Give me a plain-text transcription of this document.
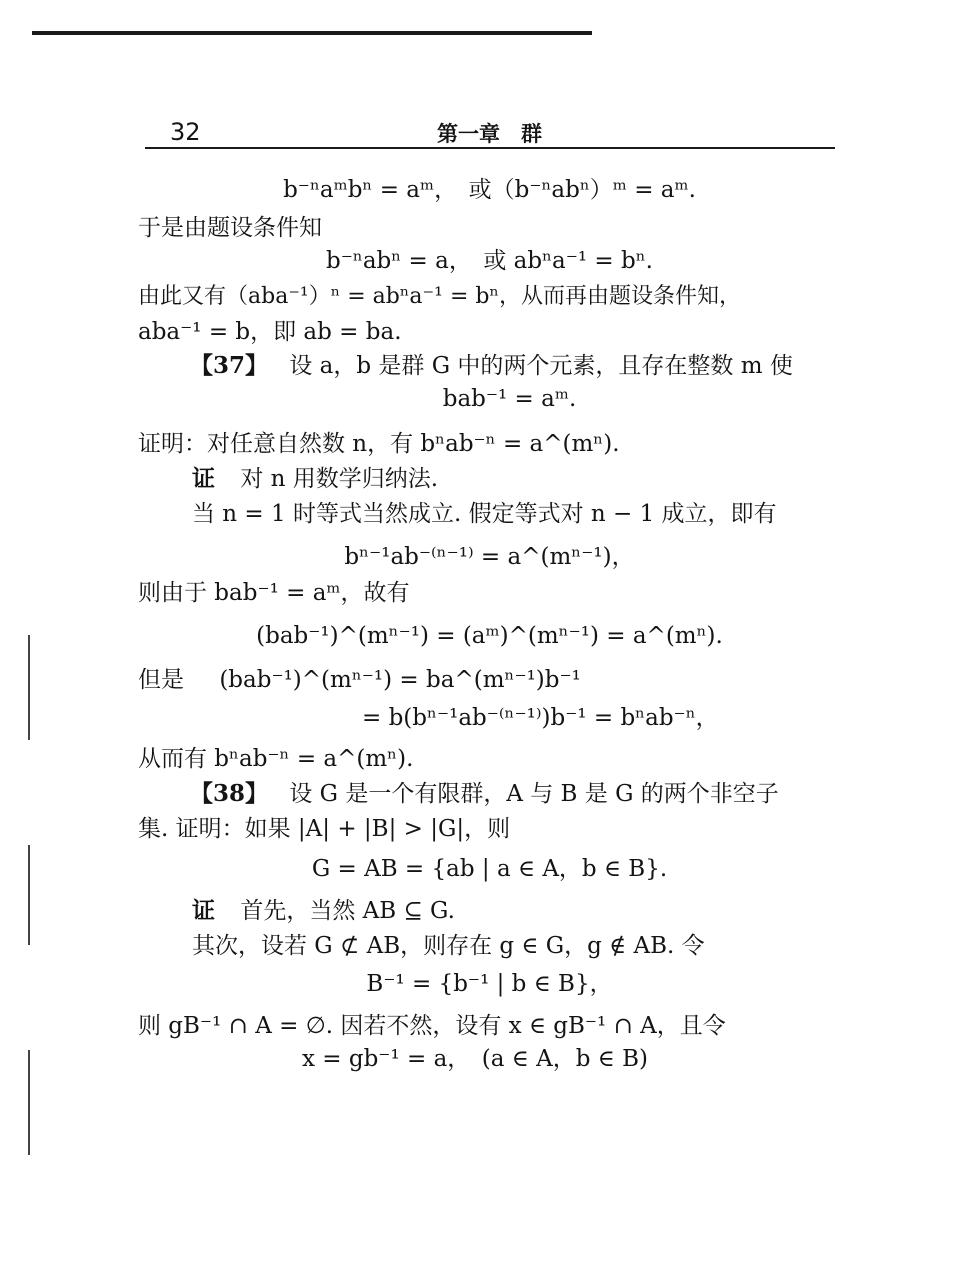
32	第一章　群
b⁻ⁿaᵐbⁿ = aᵐ，　或（b⁻ⁿabⁿ）ᵐ = aᵐ.
于是由题设条件知
b⁻ⁿabⁿ = a，　或 abⁿa⁻¹ = bⁿ.
由此又有（aba⁻¹）ⁿ = abⁿa⁻¹ = bⁿ，从而再由题设条件知，
aba⁻¹ = b，即 ab = ba.
【37】 设 a，b 是群 G 中的两个元素，且存在整数 m 使
bab⁻¹ = aᵐ.
证明：对任意自然数 n，有 bⁿab⁻ⁿ = a^(mⁿ).
证 对 n 用数学归纳法.
当 n = 1 时等式当然成立. 假定等式对 n − 1 成立，即有
bⁿ⁻¹ab⁻⁽ⁿ⁻¹⁾ = a^(mⁿ⁻¹)，
则由于 bab⁻¹ = aᵐ，故有
(bab⁻¹)^(mⁿ⁻¹) = (aᵐ)^(mⁿ⁻¹) = a^(mⁿ).
但是 (bab⁻¹)^(mⁿ⁻¹) = ba^(mⁿ⁻¹)b⁻¹
= b(bⁿ⁻¹ab⁻⁽ⁿ⁻¹⁾)b⁻¹ = bⁿab⁻ⁿ，
从而有 bⁿab⁻ⁿ = a^(mⁿ).
【38】 设 G 是一个有限群，A 与 B 是 G 的两个非空子
集. 证明：如果 |A| + |B| > |G|，则
G = AB = {ab | a ∈ A，b ∈ B}.
证 首先，当然 AB ⊆ G.
其次，设若 G ⊄ AB，则存在 g ∈ G，g ∉ AB. 令
B⁻¹ = {b⁻¹ | b ∈ B}，
则 gB⁻¹ ∩ A = ∅. 因若不然，设有 x ∈ gB⁻¹ ∩ A，且令
x = gb⁻¹ = a，　(a ∈ A，b ∈ B)
